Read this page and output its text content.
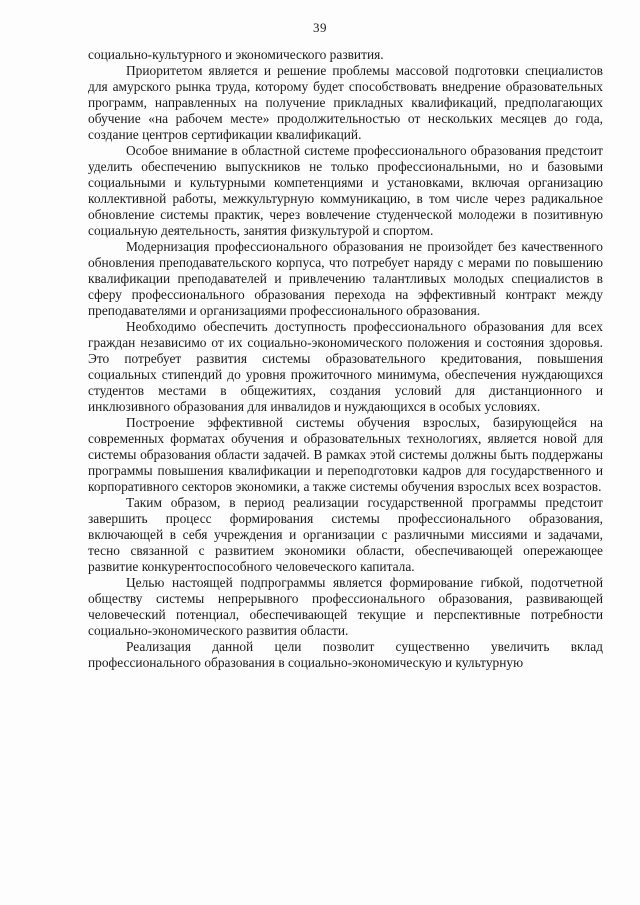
39

социально-культурного и экономического развития.

Приоритетом является и решение проблемы массовой подготовки специалистов для амурского рынка труда, которому будет способствовать внедрение образовательных программ, направленных на получение прикладных квалификаций, предполагающих обучение «на рабочем месте» продолжительностью от нескольких месяцев до года, создание центров сертификации квалификаций.

Особое внимание в областной системе профессионального образования предстоит уделить обеспечению выпускников не только профессиональными, но и базовыми социальными и культурными компетенциями и установками, включая организацию коллективной работы, межкультурную коммуникацию, в том числе через радикальное обновление системы практик, через вовлечение студенческой молодежи в позитивную социальную деятельность, занятия физкультурой и спортом.

Модернизация профессионального образования не произойдет без качественного обновления преподавательского корпуса, что потребует наряду с мерами по повышению квалификации преподавателей и привлечению талантливых молодых специалистов в сферу профессионального образования перехода на эффективный контракт между преподавателями и организациями профессионального образования.

Необходимо обеспечить доступность профессионального образования для всех граждан независимо от их социально-экономического положения и состояния здоровья. Это потребует развития системы образовательного кредитования, повышения социальных стипендий до уровня прожиточного минимума, обеспечения нуждающихся студентов местами в общежитиях, создания условий для дистанционного и инклюзивного образования для инвалидов и нуждающихся в особых условиях.

Построение эффективной системы обучения взрослых, базирующейся на современных форматах обучения и образовательных технологиях, является новой для системы образования области задачей. В рамках этой системы должны быть поддержаны программы повышения квалификации и переподготовки кадров для государственного и корпоративного секторов экономики, а также системы обучения взрослых всех возрастов.

Таким образом, в период реализации государственной программы предстоит завершить процесс формирования системы профессионального образования, включающей в себя учреждения и организации с различными миссиями и задачами, тесно связанной с развитием экономики области, обеспечивающей опережающее развитие конкурентоспособного человеческого капитала.

Целью настоящей подпрограммы является формирование гибкой, подотчетной обществу системы непрерывного профессионального образования, развивающей человеческий потенциал, обеспечивающей текущие и перспективные потребности социально-экономического развития области.

Реализация данной цели позволит существенно увеличить вклад профессионального образования в социально-экономическую и культурную
